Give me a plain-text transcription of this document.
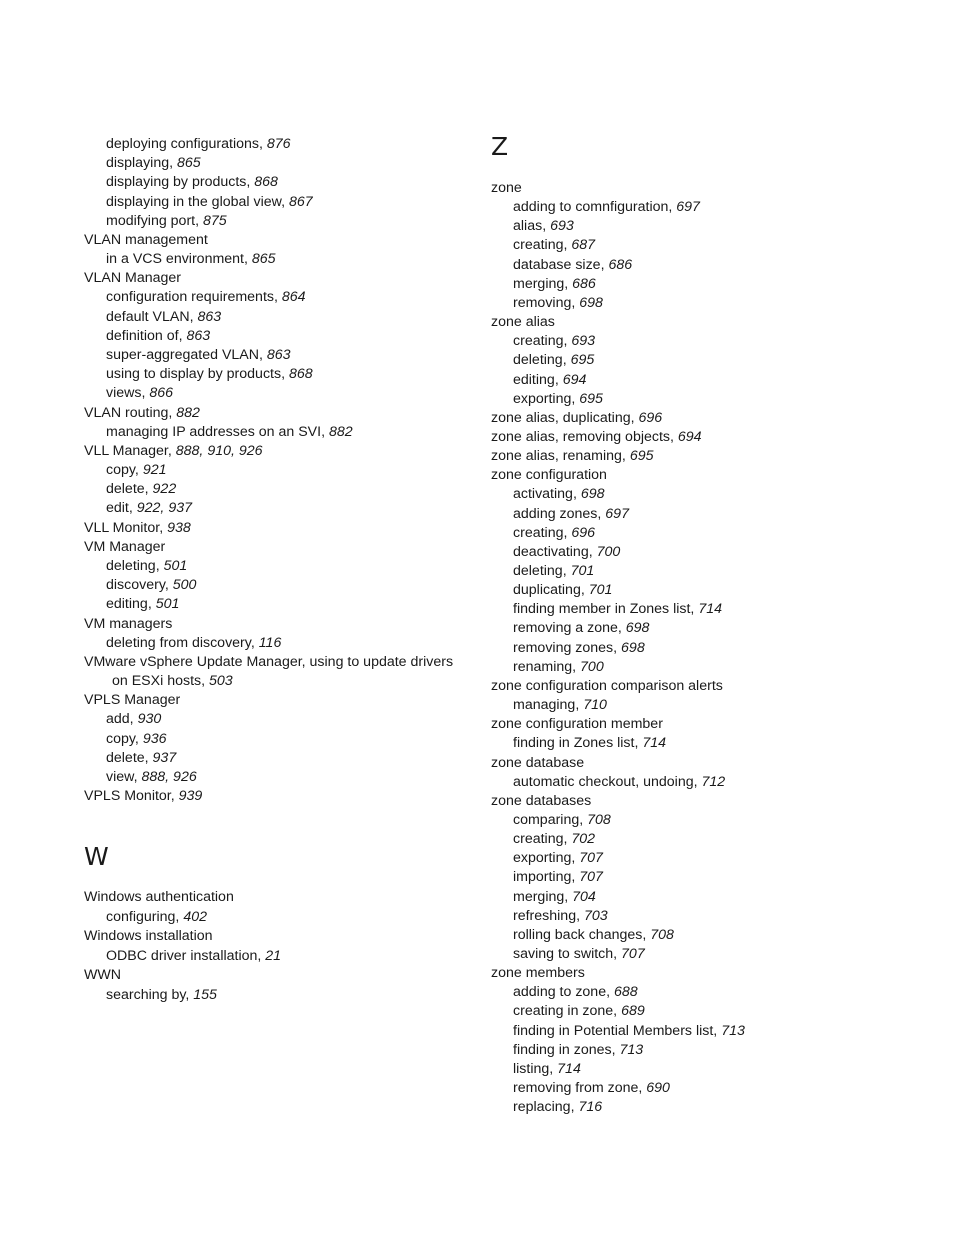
deploying configurations, 876
displaying, 865
displaying by products, 868
displaying in the global view, 867
modifying port, 875
VLAN management
in a VCS environment, 865
VLAN Manager
configuration requirements, 864
default VLAN, 863
definition of, 863
super-aggregated VLAN, 863
using to display by products, 868
views, 866
VLAN routing, 882
managing IP addresses on an SVI, 882
VLL Manager, 888, 910, 926
copy, 921
delete, 922
edit, 922, 937
VLL Monitor, 938
VM Manager
deleting, 501
discovery, 500
editing, 501
VM managers
deleting from discovery, 116
VMware vSphere Update Manager, using to update drivers
on ESXi hosts, 503
VPLS Manager
add, 930
copy, 936
delete, 937
view, 888, 926
VPLS Monitor, 939
W
Windows authentication
configuring, 402
Windows installation
ODBC driver installation, 21
WWN
searching by, 155
Z
zone
adding to comnfiguration, 697
alias, 693
creating, 687
database size, 686
merging, 686
removing, 698
zone alias
creating, 693
deleting, 695
editing, 694
exporting, 695
zone alias, duplicating, 696
zone alias, removing objects, 694
zone alias, renaming, 695
zone configuration
activating, 698
adding zones, 697
creating, 696
deactivating, 700
deleting, 701
duplicating, 701
finding member in Zones list, 714
removing a zone, 698
removing zones, 698
renaming, 700
zone configuration comparison alerts
managing, 710
zone configuration member
finding in Zones list, 714
zone database
automatic checkout, undoing, 712
zone databases
comparing, 708
creating, 702
exporting, 707
importing, 707
merging, 704
refreshing, 703
rolling back changes, 708
saving to switch, 707
zone members
adding to zone, 688
creating in zone, 689
finding in Potential Members list, 713
finding in zones, 713
listing, 714
removing from zone, 690
replacing, 716
